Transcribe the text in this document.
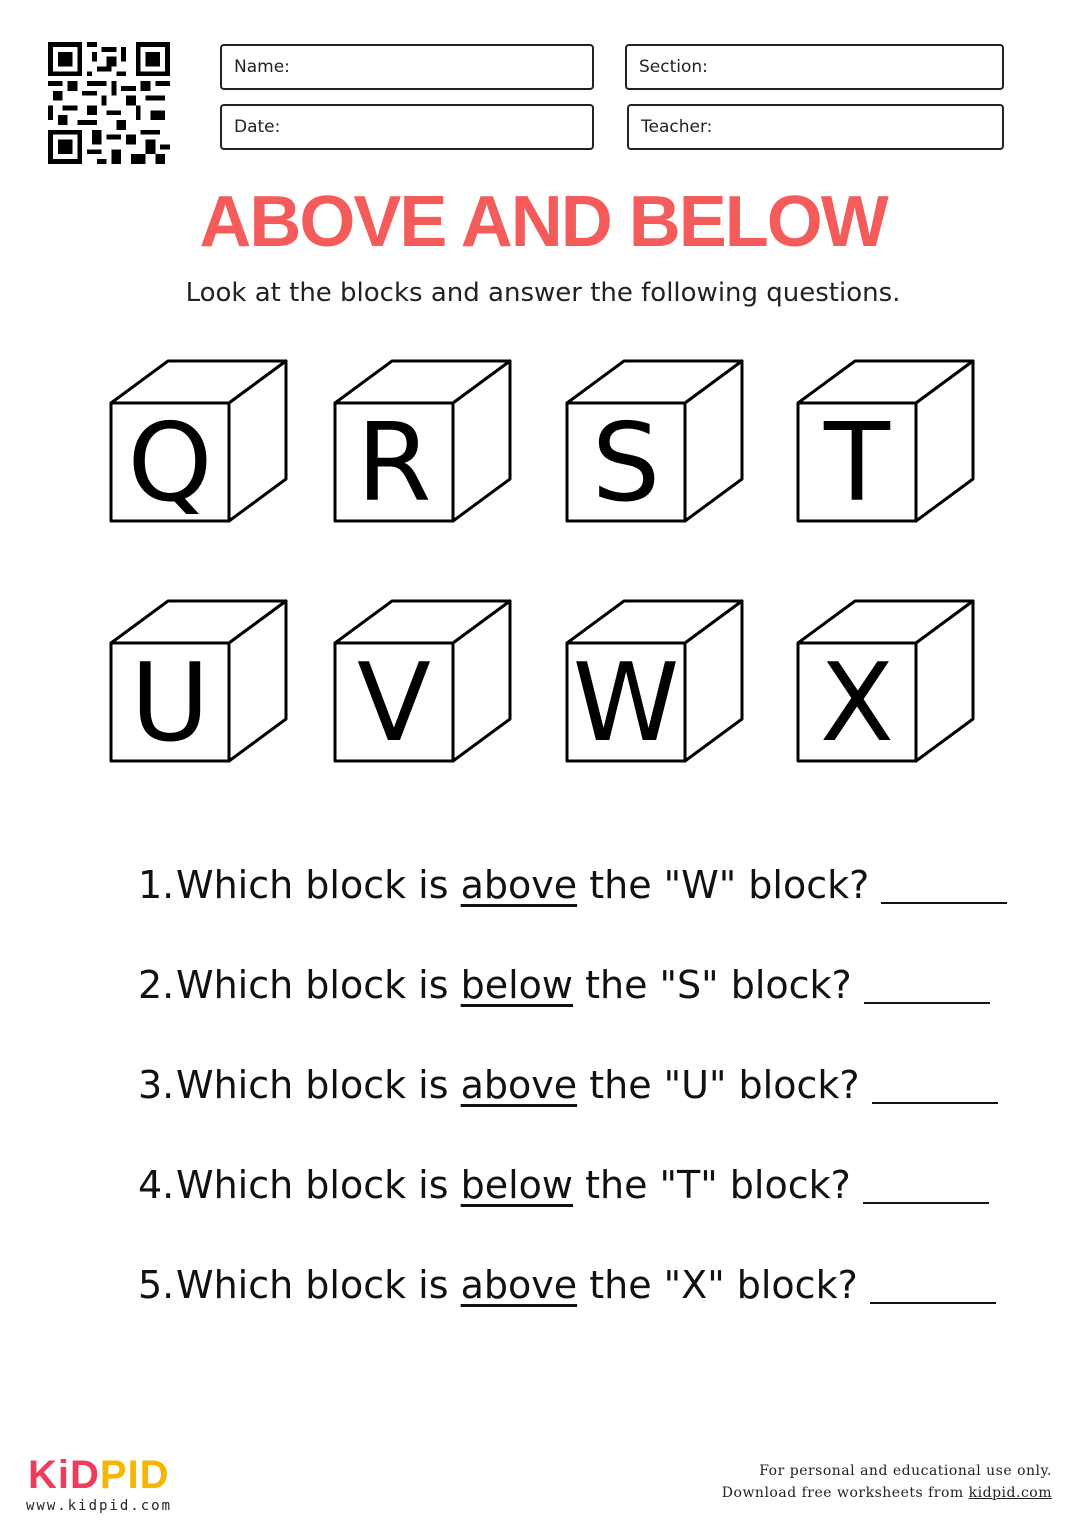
Name:	Section:
Date:	Teacher:
ABOVE AND BELOW
Look at the blocks and answer the following questions.
Q R S T
U V W X
1.Which block is above the "W" block?
2.Which block is below the "S" block?
3.Which block is above the "U" block?
4.Which block is below the "T" block?
5.Which block is above the "X" block?
KiDPID
www.kidpid.com
For personal and educational use only.
Download free worksheets from kidpid.com
